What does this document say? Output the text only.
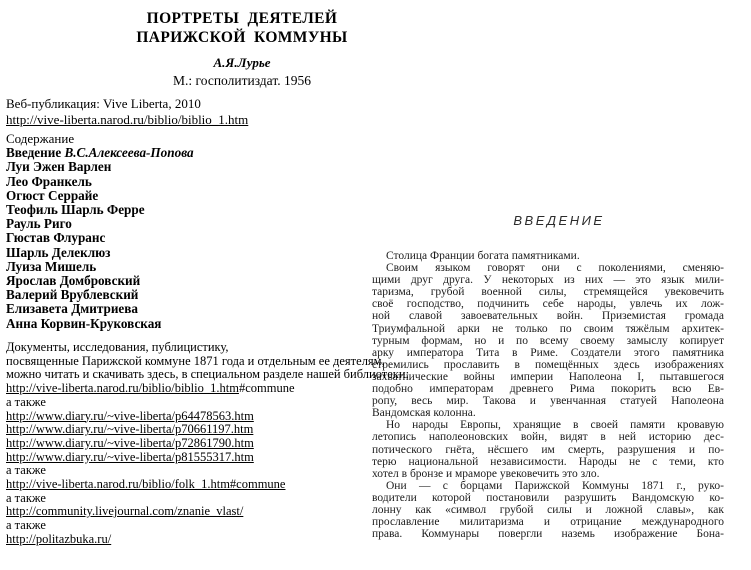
ВВЕДЕНИЕ
Столица Франции богата памятниками.
Своим языком говорят они с поколениями, сменяю-
щими друг друга. У некоторых из них — это язык мили-
таризма, грубой военной силы, стремящейся увековечить
своё господство, подчинить себе народы, увлечь их лож-
ной славой завоевательных войн. Приземистая громада
Триумфальной арки не только по своим тяжёлым архитек-
турным формам, но и по всему своему замыслу копирует
арку императора Тита в Риме. Создатели этого памятника
стремились прославить в помещённых здесь изображениях
захватнические войны империи Наполеона I, пытавшегося
подобно императорам древнего Рима покорить всю Ев-
ропу, весь мир. Такова и увенчанная статуей Наполеона
Вандомская колонна.
Но народы Европы, хранящие в своей памяти кровавую
летопись наполеоновских войн, видят в ней историю дес-
потического гнёта, нёсшего им смерть, разрушения и по-
терю национальной независимости. Народы не с теми, кто
хотел в бронзе и мраморе увековечить это зло.
Они — с борцами Парижской Коммуны 1871 г., руко-
водители которой постановили разрушить Вандомскую ко-
лонну как «символ грубой силы и ложной славы», как
прославление милитаризма и отрицание международного
права. Коммунары повергли наземь изображение Бона-
ПОРТРЕТЫ ДЕЯТЕЛЕЙ
ПАРИЖСКОЙ КОММУНЫ
А.Я.Лурье
М.: госполитиздат. 1956
Веб-публикация: Vive Liberta, 2010
http://vive-liberta.narod.ru/biblio/biblio_1.htm
Содержание
Введение В.С.Алексеева-Попова
Луи Эжен Варлен
Лео Франкель
Огюст Серрайе
Теофиль Шарль Ферре
Рауль Риго
Гюстав Флуранс
Шарль Делеклюз
Луиза Мишель
Ярослав Домбровский
Валерий Врублевский
Елизавета Дмитриева
Анна Корвин-Круковская
Документы, исследования, публицистику,
посвященные Парижской коммуне 1871 года и отдельным ее деятелям,
можно читать и скачивать здесь, в специальном разделе нашей библиотеки:
http://vive-liberta.narod.ru/biblio/biblio_1.htm#commune
а также
http://www.diary.ru/~vive-liberta/p64478563.htm
http://www.diary.ru/~vive-liberta/p70661197.htm
http://www.diary.ru/~vive-liberta/p72861790.htm
http://www.diary.ru/~vive-liberta/p81555317.htm
а также
http://vive-liberta.narod.ru/biblio/folk_1.htm#commune
а также
http://community.livejournal.com/znanie_vlast/
а также
http://politazbuka.ru/
